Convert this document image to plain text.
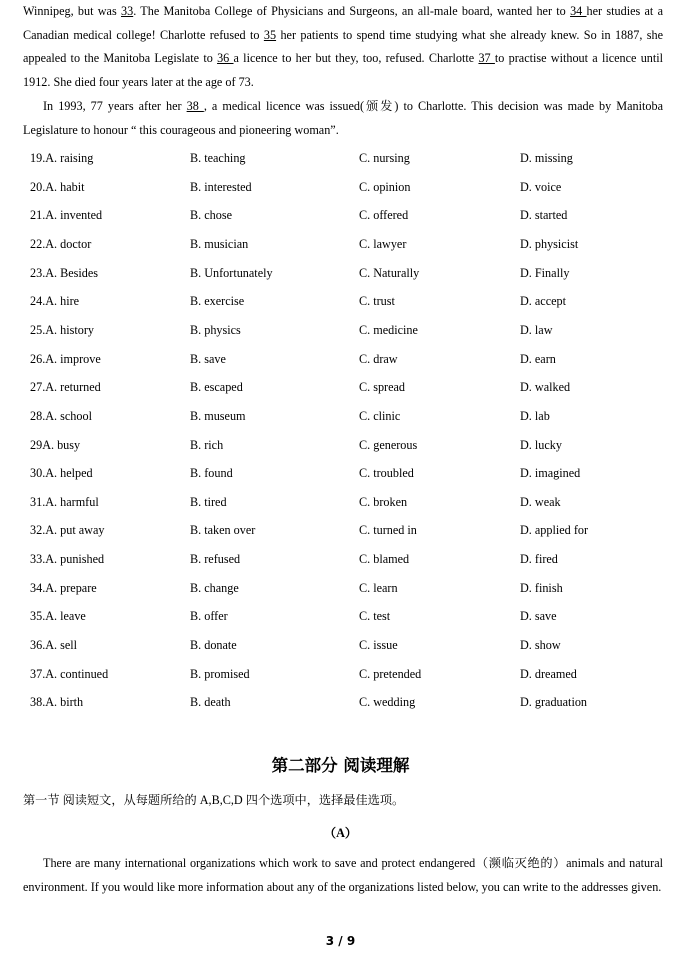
Winnipeg, but was 33. The Manitoba College of Physicians and Surgeons, an all-male board, wanted her to 34 her studies at a Canadian medical college! Charlotte refused to 35 her patients to spend time studying what she already knew. So in 1887, she appealed to the Manitoba Legislate to 36 a licence to her but they, too, refused. Charlotte 37 to practise without a licence until 1912. She died four years later at the age of 73.
In 1993, 77 years after her 38 , a medical licence was issued(颁发) to Charlotte. This decision was made by Manitoba Legislature to honour “ this courageous and pioneering woman”.
19.A. raising	B. teaching	C. nursing	D. missing
20.A. habit	B. interested	C. opinion	D. voice
21.A. invented	B. chose	C. offered	D. started
22.A. doctor	B. musician	C. lawyer	D. physicist
23.A. Besides	B. Unfortunately	C. Naturally	D. Finally
24.A. hire	B. exercise	C. trust	D. accept
25.A. history	B. physics	C. medicine	D. law
26.A. improve	B. save	C. draw	D. earn
27.A. returned	B. escaped	C. spread	D. walked
28.A. school	B. museum	C. clinic	D. lab
29A. busy	B. rich	C. generous	D. lucky
30.A. helped	B. found	C. troubled	D. imagined
31.A. harmful	B. tired	C. broken	D. weak
32.A. put away	B. taken over	C. turned in	D. applied for
33.A. punished	B. refused	C. blamed	D. fired
34.A. prepare	B. change	C. learn	D. finish
35.A. leave	B. offer	C. test	D. save
36.A. sell	B. donate	C. issue	D. show
37.A. continued	B. promised	C. pretended	D. dreamed
38.A. birth	B. death	C. wedding	D. graduation
第二部分 阅读理解
第一节 阅读短文，从每题所给的 A,B,C,D 四个选项中，选择最佳选项。
（A）
There are many international organizations which work to save and protect endangered（濒临灭绝的）animals and natural environment. If you would like more information about any of the organizations listed below, you can write to the addresses given.
3 / 9
